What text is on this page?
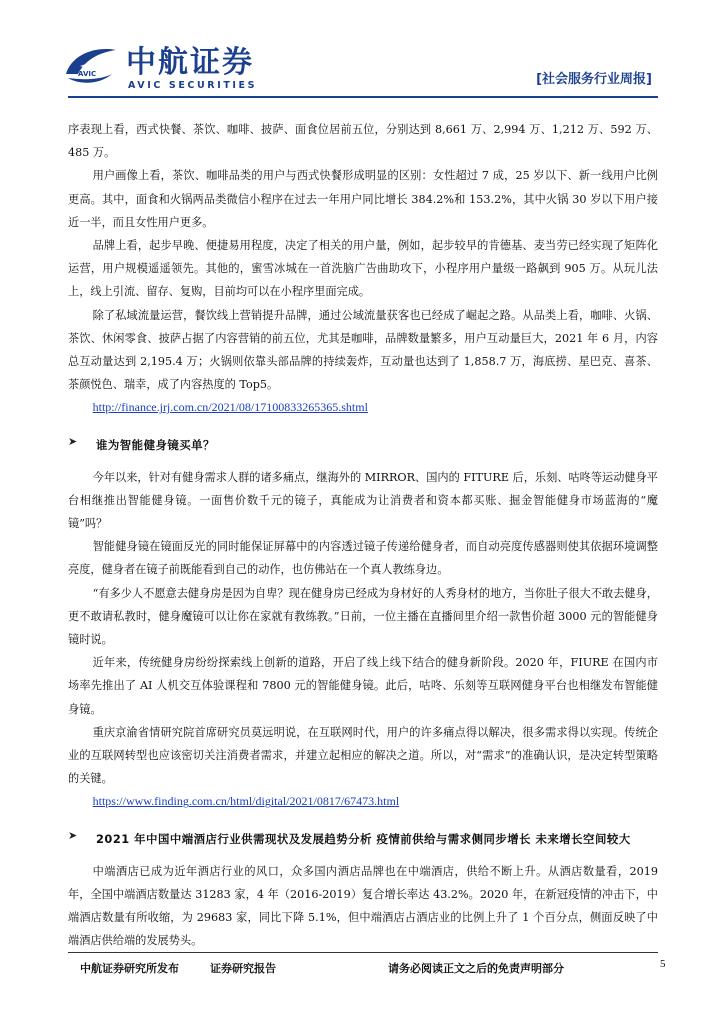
AVIC 中航证券
AVIC SECURITIES	[社会服务行业周报]

序表现上看，西式快餐、茶饮、咖啡、披萨、面食位居前五位，分别达到 8,661 万、2,994 万、1,212 万、592 万、485 万。

用户画像上看，茶饮、咖啡品类的用户与西式快餐形成明显的区别：女性超过 7 成，25 岁以下、新一线用户比例更高。其中，面食和火锅两品类微信小程序在过去一年用户同比增长 384.2%和 153.2%，其中火锅 30 岁以下用户接近一半，而且女性用户更多。

品牌上看，起步早晚、便捷易用程度，决定了相关的用户量，例如，起步较早的肯德基、麦当劳已经实现了矩阵化运营，用户规模遥遥领先。其他的，蜜雪冰城在一首洗脑广告曲助攻下，小程序用户量级一路飙到 905 万。从玩儿法上，线上引流、留存、复购，目前均可以在小程序里面完成。

除了私域流量运营，餐饮线上营销提升品牌，通过公域流量获客也已经成了崛起之路。从品类上看，咖啡、火锅、茶饮、休闲零食、披萨占据了内容营销的前五位，尤其是咖啡，品牌数量繁多，用户互动量巨大，2021 年 6 月，内容总互动量达到 2,195.4 万；火锅则依靠头部品牌的持续轰炸，互动量也达到了 1,858.7 万，海底捞、星巴克、喜茶、茶颜悦色、瑞幸，成了内容热度的 Top5。

http://finance.jrj.com.cn/2021/08/17100833265365.shtml

➤	谁为智能健身镜买单？

今年以来，针对有健身需求人群的诸多痛点，继海外的 MIRROR、国内的 FITURE 后，乐刻、咕咚等运动健身平台相继推出智能健身镜。一面售价数千元的镜子，真能成为让消费者和资本都买账、掘金智能健身市场蓝海的“魔镜”吗？

智能健身镜在镜面反光的同时能保证屏幕中的内容透过镜子传递给健身者，而自动亮度传感器则使其依据环境调整亮度，健身者在镜子前既能看到自己的动作，也仿佛站在一个真人教练身边。

“有多少人不愿意去健身房是因为自卑？现在健身房已经成为身材好的人秀身材的地方，当你肚子很大不敢去健身，更不敢请私教时，健身魔镜可以让你在家就有教练教。”日前，一位主播在直播间里介绍一款售价超 3000 元的智能健身镜时说。

近年来，传统健身房纷纷探索线上创新的道路，开启了线上线下结合的健身新阶段。2020 年，FIURE 在国内市场率先推出了 AI 人机交互体验课程和 7800 元的智能健身镜。此后，咕咚、乐刻等互联网健身平台也相继发布智能健身镜。

重庆京渝省情研究院首席研究员莫远明说，在互联网时代，用户的许多痛点得以解决，很多需求得以实现。传统企业的互联网转型也应该密切关注消费者需求，并建立起相应的解决之道。所以，对“需求”的准确认识，是决定转型策略的关键。

https://www.finding.com.cn/html/digital/2021/0817/67473.html

➤	2021 年中国中端酒店行业供需现状及发展趋势分析 疫情前供给与需求侧同步增长 未来增长空间较大

中端酒店已成为近年酒店行业的风口，众多国内酒店品牌也在中端酒店，供给不断上升。从酒店数量看，2019 年，全国中端酒店数量达 31283 家，4 年（2016-2019）复合增长率达 43.2%。2020 年，在新冠疫情的冲击下，中端酒店数量有所收缩，为 29683 家，同比下降 5.1%，但中端酒店占酒店业的比例上升了 1 个百分点，侧面反映了中端酒店供给端的发展势头。

中航证券研究所发布	证券研究报告	请务必阅读正文之后的免责声明部分	5
